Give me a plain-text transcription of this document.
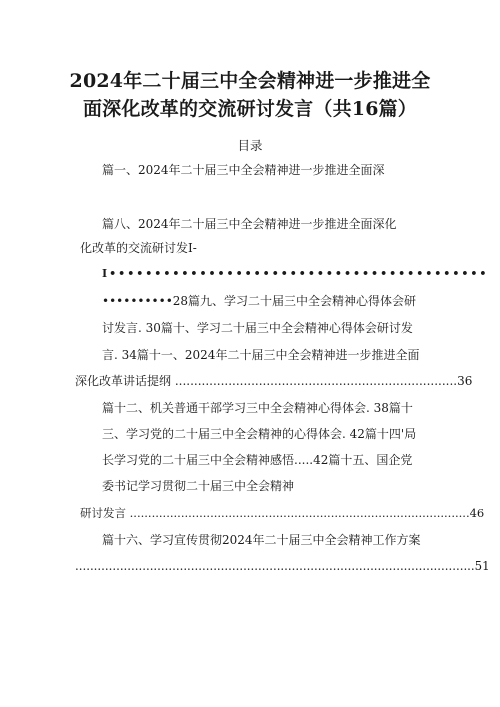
2024年二十届三中全会精神进一步推进全
面深化改革的交流研讨发言（共16篇）
目录
篇一、2024年二十届三中全会精神进一步推进全面深
篇八、2024年二十届三中全会精神进一步推进全面深化
化改革的交流研讨发I-
I••••••••••••••••••••••••••••••••••••••••••
••••••••••28篇九、学习二十届三中全会精神心得体会研
讨发言. 30篇十、学习二十届三中全会精神心得体会研讨发
言. 34篇十一、2024年二十届三中全会精神进一步推进全面
深化改革讲话提纲 ..........................................................................36
篇十二、机关普通干部学习三中全会精神心得体会. 38篇十
三、学习党的二十届三中全会精神的心得体会. 42篇十四'局
长学习党的二十届三中全会精神感悟.....42篇十五、国企党
委书记学习贯彻二十届三中全会精神
研讨发言 .............................................................................................46
篇十六、学习宣传贯彻2024年二十届三中全会精神工作方案
...........................................................................................................51
